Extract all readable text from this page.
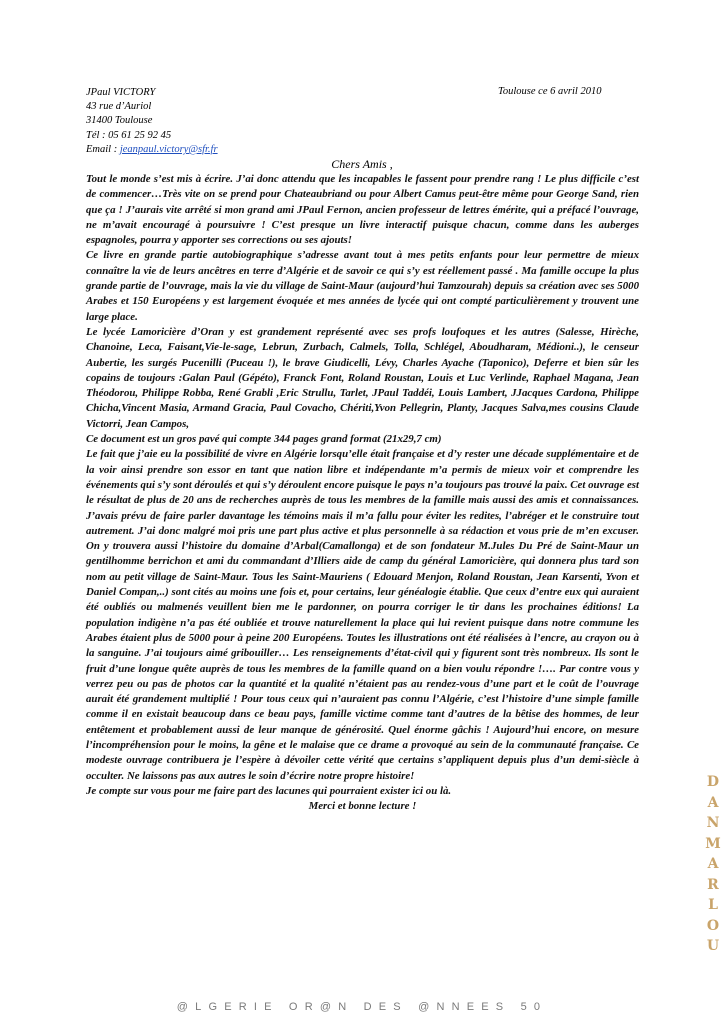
JPaul VICTORY
43 rue d’Auriol
31400 Toulouse
Tél : 05 61 25 92 45
Email : jeanpaul.victory@sfr.fr
Toulouse ce 6 avril 2010
Chers Amis ,

Tout le monde s’est mis à écrire. J’ai donc attendu que les incapables le fassent pour prendre rang ! Le plus difficile c’est de commencer…Très vite on se prend pour Chateaubriand ou pour Albert Camus peut-être même pour George Sand, rien que ça ! J’aurais vite arrêté si mon grand ami JPaul Fernon, ancien professeur de lettres émérite, qui a préfacé l’ouvrage, ne m’avait encouragé à poursuivre ! C’est presque un livre interactif puisque chacun, comme dans les auberges espagnoles, pourra y apporter ses corrections ou ses ajouts!

Ce livre en grande partie autobiographique s’adresse avant tout à mes petits enfants pour leur permettre de mieux connaître la vie de leurs ancêtres en terre d’Algérie et de savoir ce qui s’y est réellement passé . Ma famille occupe la plus grande partie de l’ouvrage, mais la vie du village de Saint-Maur (aujourd’hui Tamzourah) depuis sa création avec ses 5000 Arabes et 150 Européens y est largement évoquée et mes années de lycée qui ont compté particulièrement y trouvent une large place.

Le lycée Lamoricière d’Oran y est grandement représenté avec ses profs loufoques et les autres (Salesse, Hirèche, Chanoine, Leca, Faisant,Vie-le-sage, Lebrun, Zurbach, Calmels, Tolla, Schlégel, Aboudharam, Médioni..), le censeur Aubertie, les surgés Pucenilli (Puceau !), le brave Giudicelli, Lévy, Charles Ayache (Taponico), Deferre et bien sûr les copains de toujours :Galan Paul (Gépéto), Franck Font, Roland Roustan, Louis et Luc Verlinde, Raphael Magana, Jean Théodorou, Philippe Robba, René Grabli ,Eric Strullu, Tarlet, JPaul Taddéi, Louis Lambert, JJacques Cardona, Philippe Chicha,Vincent Masia, Armand Gracia, Paul Covacho, Chériti,Yvon Pellegrin, Planty, Jacques Salva,mes cousins Claude Victorri, Jean Campos,

Ce document est un gros pavé qui compte 344 pages grand format (21x29,7 cm)

Le fait que j’aie eu la possibilité de vivre en Algérie lorsqu’elle était française et d’y rester une décade supplémentaire et de la voir ainsi prendre son essor en tant que nation libre et indépendante m’a permis de mieux voir et comprendre les événements qui s’y sont déroulés et qui s’y déroulent encore puisque le pays n’a toujours pas trouvé la paix. Cet ouvrage est le résultat de plus de 20 ans de recherches auprès de tous les membres de la famille mais aussi des amis et connaissances. J’avais prévu de faire parler davantage les témoins mais il m’a fallu pour éviter les redites, l’abréger et le construire tout autrement. J’ai donc malgré moi pris une part plus active et plus personnelle à sa rédaction et vous prie de m’en excuser. On y trouvera aussi l’histoire du domaine d’Arbal(Camallonga) et de son fondateur M.Jules Du Pré de Saint-Maur un gentilhomme berrichon et ami du commandant d’Illiers aide de camp du général Lamoricière, qui donnera plus tard son nom au petit village de Saint-Maur. Tous les Saint-Mauriens ( Edouard Menjon, Roland Roustan, Jean Karsenti, Yvon et Daniel Compan,..) sont cités au moins une fois et, pour certains, leur généalogie établie. Que ceux d’entre eux qui auraient été oubliés ou malmenés veuillent bien me le pardonner, on pourra corriger le tir dans les prochaines éditions! La population indigène n’a pas été oubliée et trouve naturellement la place qui lui revient puisque dans notre commune les Arabes étaient plus de 5000 pour à peine 200 Européens. Toutes les illustrations ont été réalisées à l’encre, au crayon ou à la sanguine. J’ai toujours aimé gribouiller… Les renseignements d’état-civil qui y figurent sont très nombreux. Ils sont le fruit d’une longue quête auprès de tous les membres de la famille quand on a bien voulu répondre !…. Par contre vous y verrez peu ou pas de photos car la quantité et la qualité n’étaient pas au rendez-vous d’une part et le coût de l’ouvrage aurait été grandement multiplié ! Pour tous ceux qui n’auraient pas connu l’Algérie, c’est l’histoire d’une simple famille comme il en existait beaucoup dans ce beau pays, famille victime comme tant d’autres de la bêtise des hommes, de leur entêtement et probablement aussi de leur manque de générosité. Quel énorme gâchis ! Aujourd’hui encore, on mesure l’incompréhension pour le moins, la gêne et le malaise que ce drame a provoqué au sein de la communauté française. Ce modeste ouvrage contribuera je l’espère à dévoiler cette vérité que certains s’appliquent depuis plus d’un demi-siècle à occulter. Ne laissons pas aux autres le soin d’écrire notre propre histoire!

Je compte sur vous pour me faire part des lacunes qui pourraient exister ici ou là.

Merci et bonne lecture !

D
A
N
M
A
R
L
O
U
@LGERIE OR@N DES @NNEES 50
